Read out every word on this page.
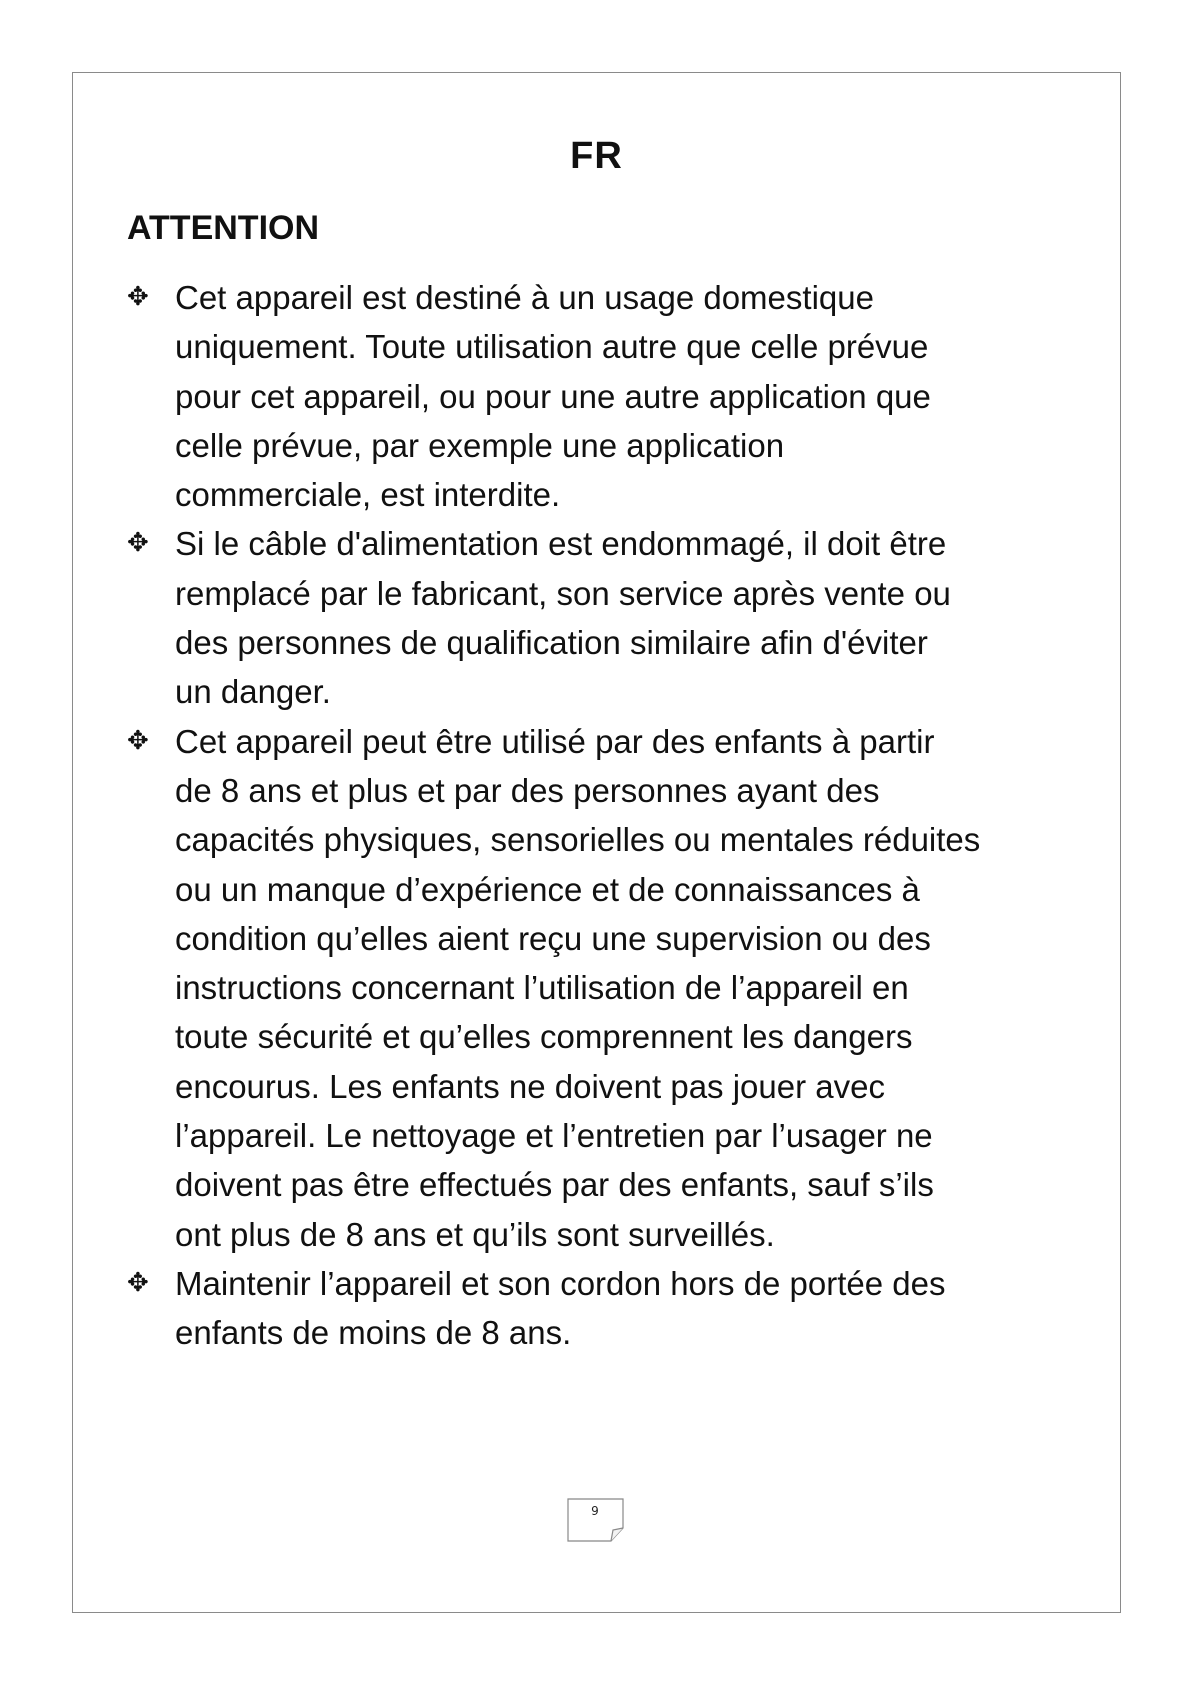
FR
ATTENTION
✥ Cet appareil est destiné à un usage domestique
uniquement. Toute utilisation autre que celle prévue
pour cet appareil, ou pour une autre application que
celle prévue, par exemple une application
commerciale, est interdite.
✥ Si le câble d'alimentation est endommagé, il doit être
remplacé par le fabricant, son service après vente ou
des personnes de qualification similaire afin d'éviter
un danger.
✥ Cet appareil peut être utilisé par des enfants à partir
de 8 ans et plus et par des personnes ayant des
capacités physiques, sensorielles ou mentales réduites
ou un manque d’expérience et de connaissances à
condition qu’elles aient reçu une supervision ou des
instructions concernant l’utilisation de l’appareil en
toute sécurité et qu’elles comprennent les dangers
encourus. Les enfants ne doivent pas jouer avec
l’appareil. Le nettoyage et l’entretien par l’usager ne
doivent pas être effectués par des enfants, sauf s’ils
ont plus de 8 ans et qu’ils sont surveillés.
✥ Maintenir l’appareil et son cordon hors de portée des
enfants de moins de 8 ans.
9
